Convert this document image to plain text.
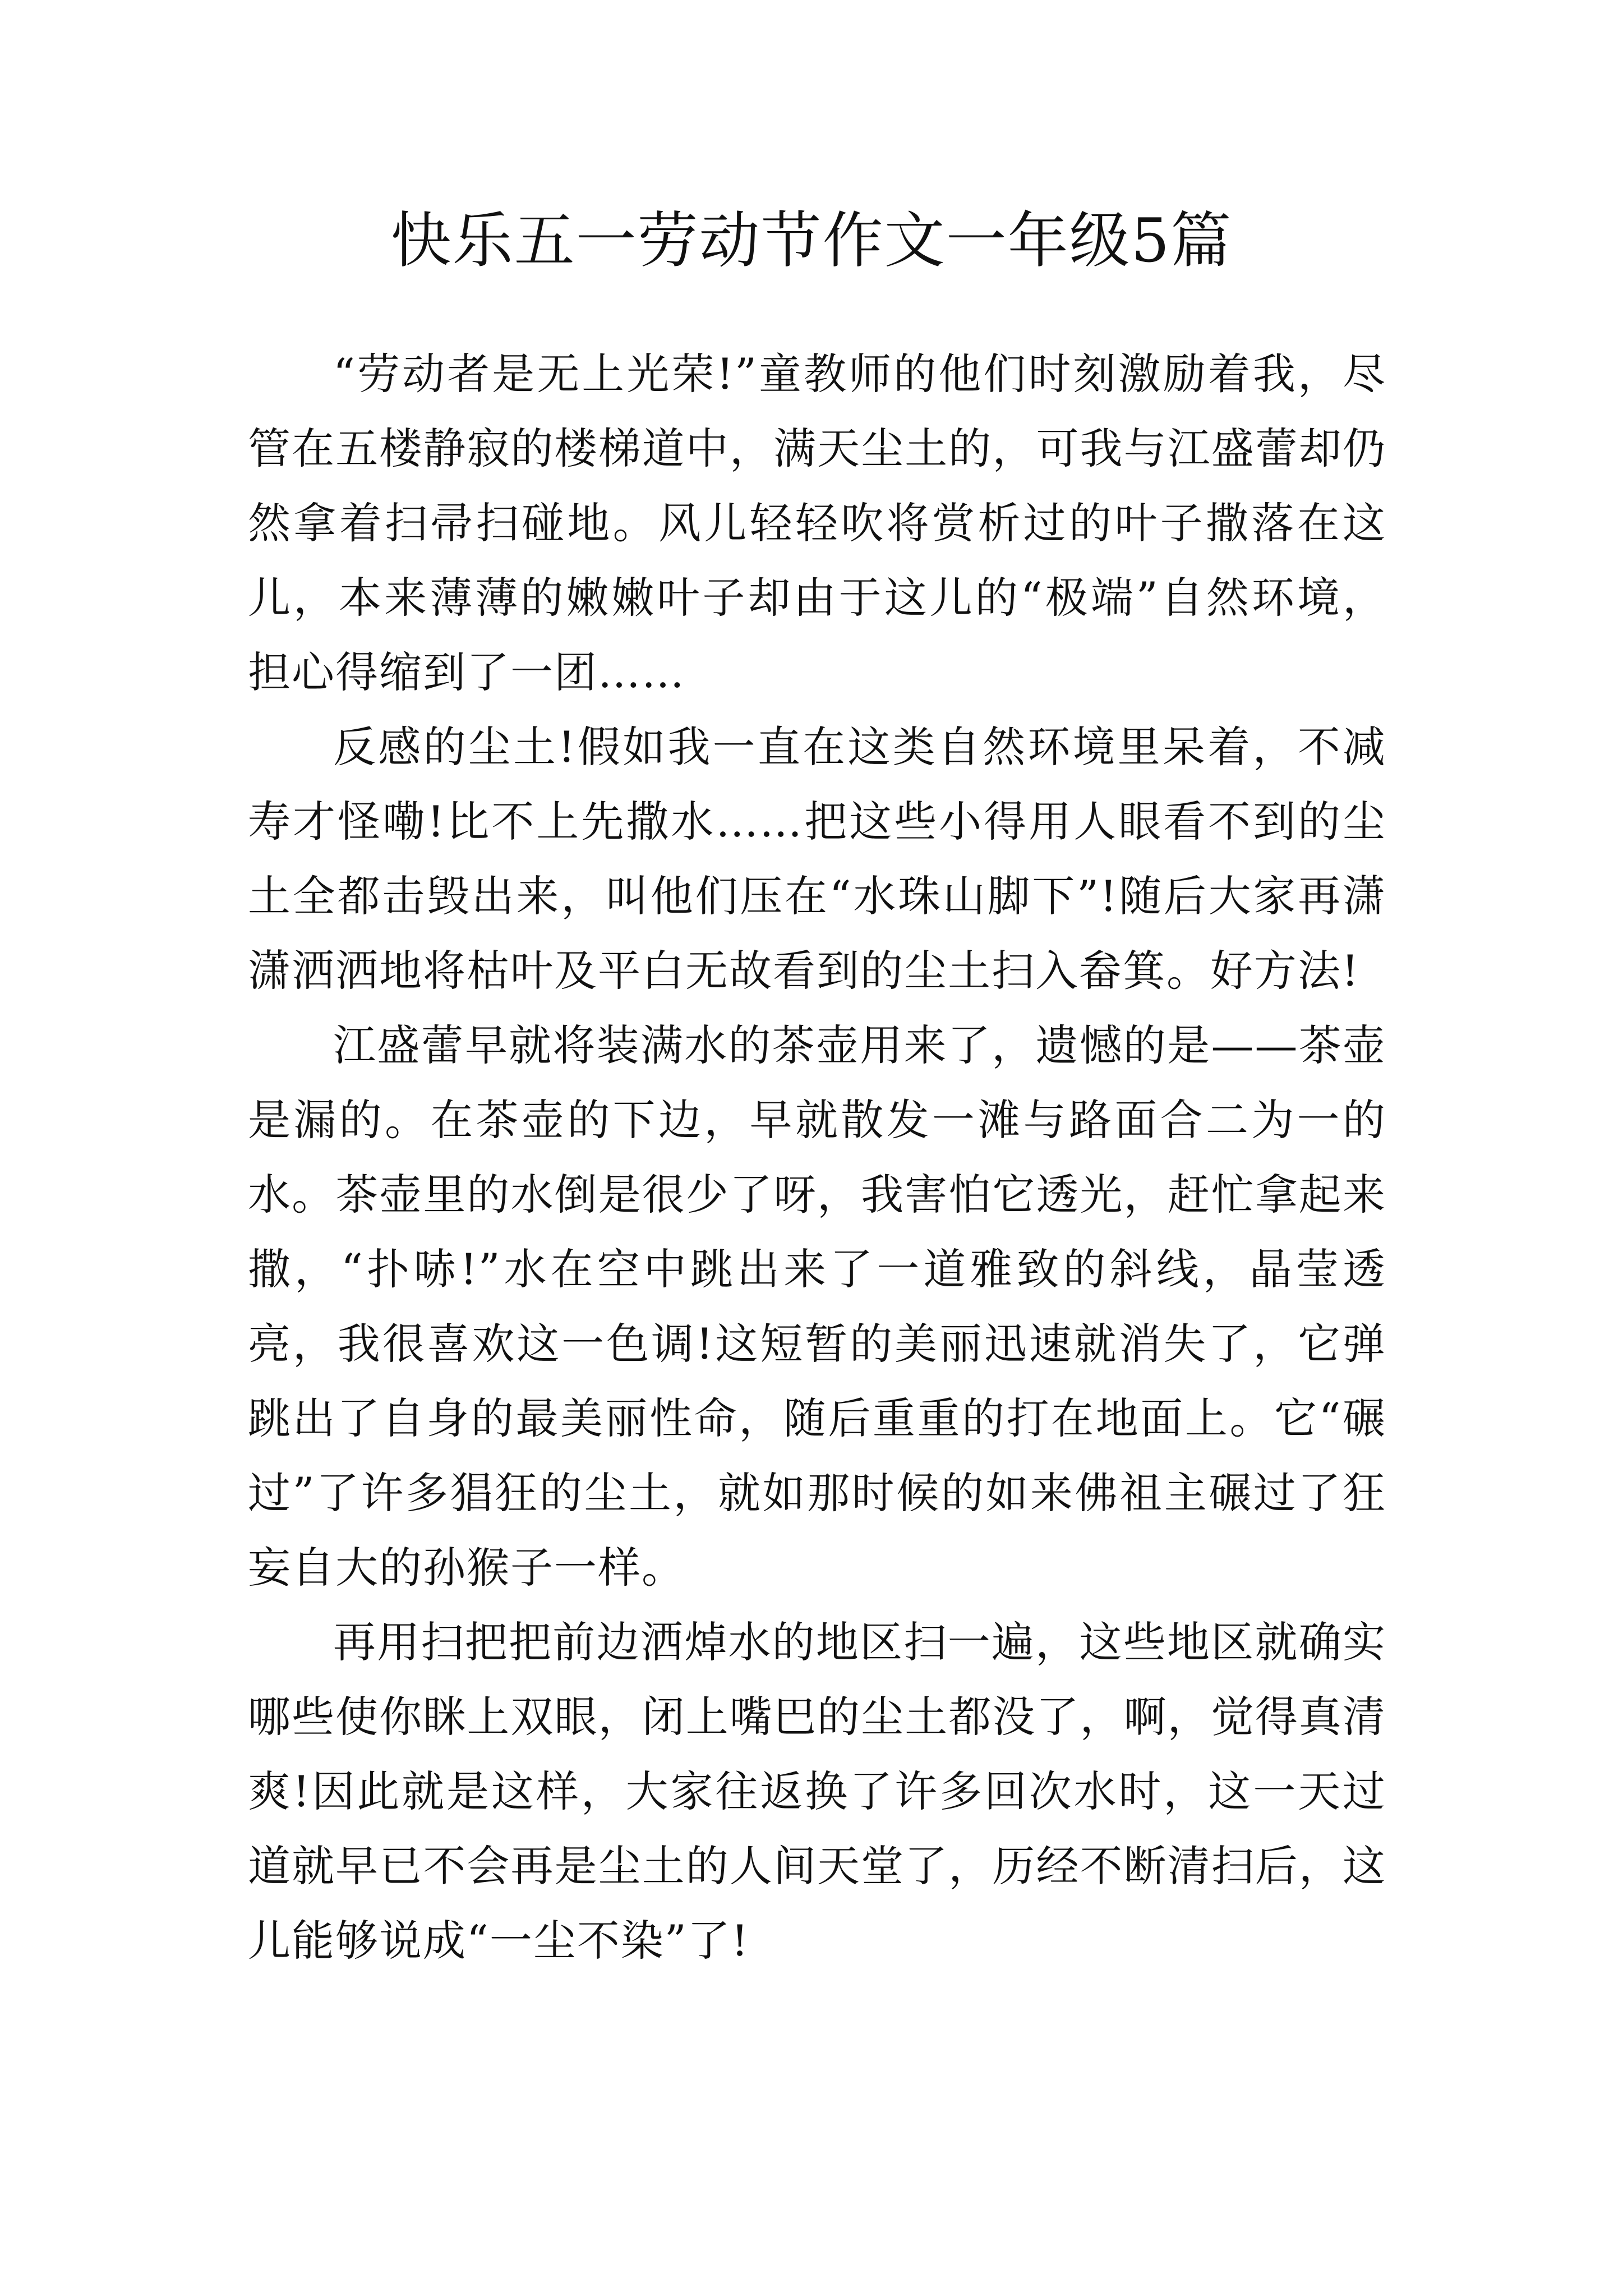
快乐五一劳动节作文一年级5篇

“劳动者是无上光荣!”童教师的他们时刻激励着我，尽管在五楼静寂的楼梯道中，满天尘土的，可我与江盛蕾却仍然拿着扫帚扫碰地。风儿轻轻吹将赏析过的叶子撒落在这儿，本来薄薄的嫩嫩叶子却由于这儿的“极端”自然环境，担心得缩到了一团……

反感的尘土!假如我一直在这类自然环境里呆着，不减寿才怪嘞!比不上先撒水……把这些小得用人眼看不到的尘土全都击毁出来，叫他们压在“水珠山脚下”!随后大家再潇潇洒洒地将枯叶及平白无故看到的尘土扫入畚箕。好方法!

江盛蕾早就将装满水的茶壶用来了，遗憾的是——茶壶是漏的。在茶壶的下边，早就散发一滩与路面合二为一的水。茶壶里的水倒是很少了呀，我害怕它透光，赶忙拿起来撒，“扑哧!”水在空中跳出来了一道雅致的斜线，晶莹透亮，我很喜欢这一色调!这短暂的美丽迅速就消失了，它弹跳出了自身的最美丽性命，随后重重的打在地面上。它“碾过”了许多猖狂的尘土，就如那时候的如来佛祖主碾过了狂妄自大的孙猴子一样。

再用扫把把前边洒焯水的地区扫一遍，这些地区就确实哪些使你眯上双眼，闭上嘴巴的尘土都没了，啊，觉得真清爽!因此就是这样，大家往返换了许多回次水时，这一天过道就早已不会再是尘土的人间天堂了，历经不断清扫后，这儿能够说成“一尘不染”了!
